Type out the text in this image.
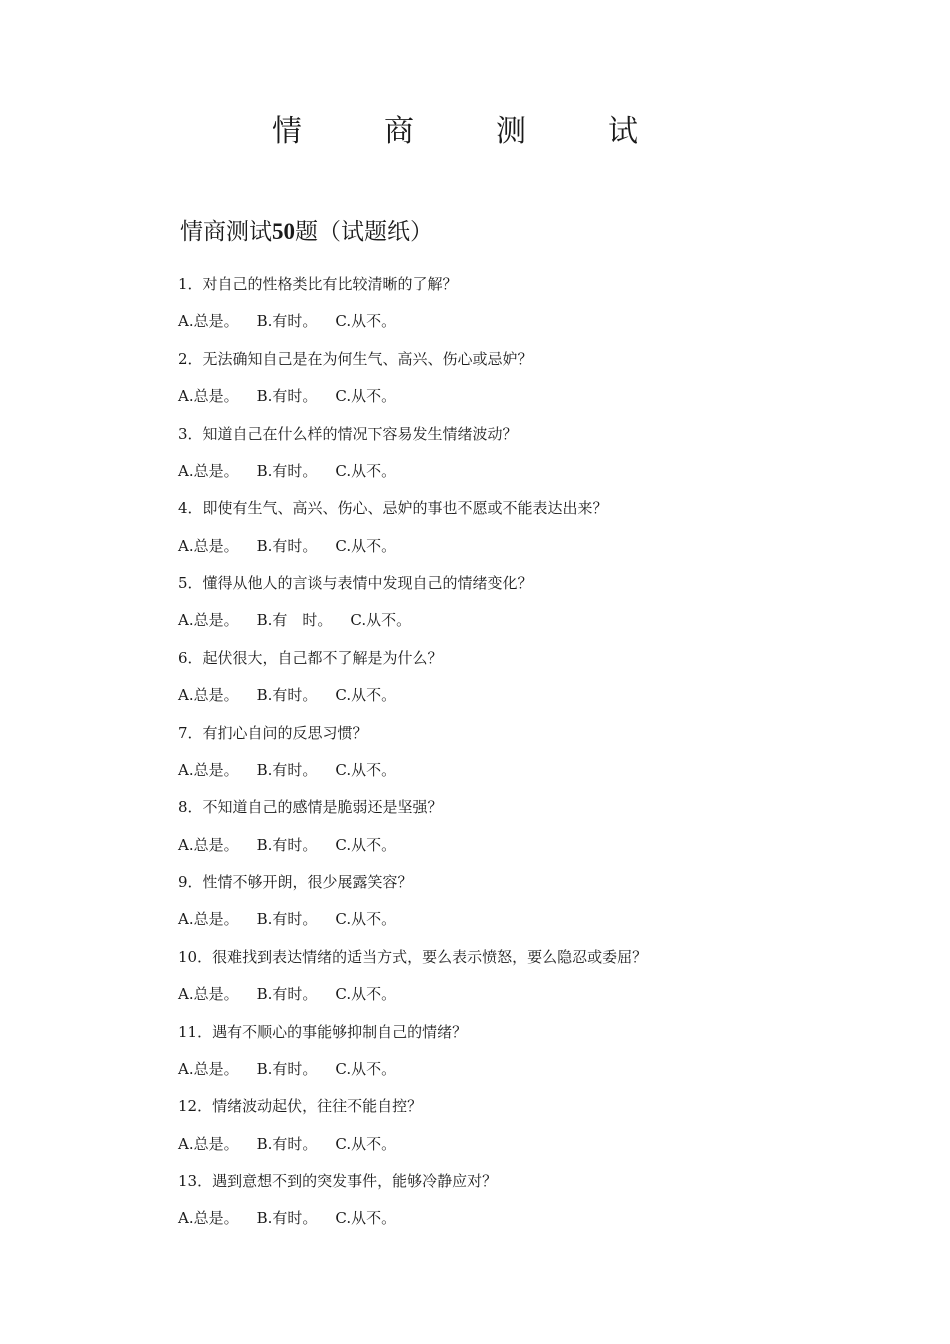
情　商　测　试
情商测试50题（试题纸）
1．对自己的性格类比有比较清晰的了解？
A.总是。 B.有时。 C.从不。
2．无法确知自己是在为何生气、高兴、伤心或忌妒？
A.总是。 B.有时。 C.从不。
3．知道自己在什么样的情况下容易发生情绪波动？
A.总是。 B.有时。 C.从不。
4．即使有生气、高兴、伤心、忌妒的事也不愿或不能表达出来？
A.总是。 B.有时。 C.从不。
5．懂得从他人的言谈与表情中发现自己的情绪变化？
A.总是。 B.有　时。 C.从不。
6．起伏很大，自己都不了解是为什么？
A.总是。 B.有时。 C.从不。
7．有扪心自问的反思习惯？
A.总是。 B.有时。 C.从不。
8．不知道自己的感情是脆弱还是坚强？
A.总是。 B.有时。 C.从不。
9．性情不够开朗，很少展露笑容？
A.总是。 B.有时。 C.从不。
10．很难找到表达情绪的适当方式，要么表示愤怒，要么隐忍或委屈？
A.总是。 B.有时。 C.从不。
11．遇有不顺心的事能够抑制自己的情绪？
A.总是。 B.有时。 C.从不。
12．情绪波动起伏，往往不能自控？
A.总是。 B.有时。 C.从不。
13．遇到意想不到的突发事件，能够冷静应对？
A.总是。 B.有时。 C.从不。
